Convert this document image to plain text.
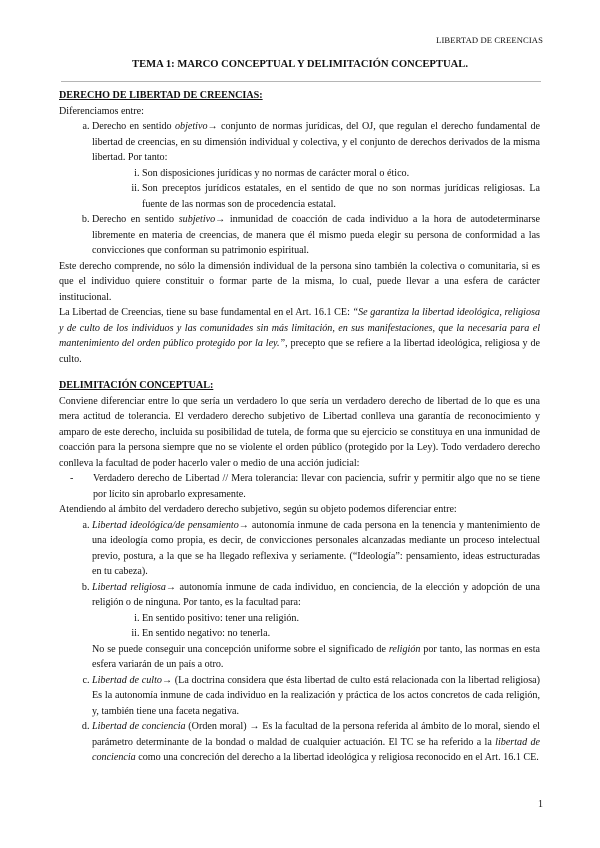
LIBERTAD DE CREENCIAS
TEMA 1: MARCO CONCEPTUAL Y DELIMITACIÓN CONCEPTUAL.

DERECHO DE LIBERTAD DE CREENCIAS:

Diferenciamos entre:

a. Derecho en sentido objetivo→ conjunto de normas jurídicas, del OJ, que regulan el derecho fundamental de libertad de creencias, en su dimensión individual y colectiva, y el conjunto de derechos derivados de la misma libertad. Por tanto:
i. Son disposiciones jurídicas y no normas de carácter moral o ético.
ii. Son preceptos jurídicos estatales, en el sentido de que no son normas jurídicas religiosas. La fuente de las normas son de procedencia estatal.
b. Derecho en sentido subjetivo→ inmunidad de coacción de cada individuo a la hora de autodeterminarse libremente en materia de creencias, de manera que él mismo pueda elegir su persona de conformidad a las convicciones que conforman su patrimonio espiritual.

Este derecho comprende, no sólo la dimensión individual de la persona sino también la colectiva o comunitaria, si es que el individuo quiere constituir o formar parte de la misma, lo cual, puede llevar a una esfera de carácter institucional.

La Libertad de Creencias, tiene su base fundamental en el Art. 16.1 CE: “Se garantiza la libertad ideológica, religiosa y de culto de los individuos y las comunidades sin más limitación, en sus manifestaciones, que la necesaria para el mantenimiento del orden público protegido por la ley.”, precepto que se refiere a la libertad ideológica, religiosa y de culto.

DELIMITACIÓN CONCEPTUAL:

Conviene diferenciar entre lo que sería un verdadero lo que sería un verdadero derecho de libertad de lo que es una mera actitud de tolerancia. El verdadero derecho subjetivo de Libertad conlleva una garantía de reconocimiento y amparo de este derecho, incluida su posibilidad de tutela, de forma que su ejercicio se constituya en una inmunidad de coacción para la persona siempre que no se violente el orden público (protegido por la Ley). Todo verdadero derecho conlleva la facultad de poder hacerlo valer o medio de una acción judicial:

- Verdadero derecho de Libertad // Mera tolerancia: llevar con paciencia, sufrir y permitir algo que no se tiene por lícito sin aprobarlo expresamente.

Atendiendo al ámbito del verdadero derecho subjetivo, según su objeto podemos diferenciar entre:

a. Libertad ideológica/de pensamiento→ autonomía inmune de cada persona en la tenencia y mantenimiento de una ideología como propia, es decir, de convicciones personales alcanzadas mediante un proceso intelectual previo, postura, a la que se ha llegado reflexiva y seriamente. (“Ideología”: pensamiento, ideas estructuradas en tu cabeza).
b. Libertad religiosa→ autonomía inmune de cada individuo, en conciencia, de la elección y adopción de una religión o de ninguna. Por tanto, es la facultad para:
i. En sentido positivo: tener una religión.
ii. En sentido negativo: no tenerla.

No se puede conseguir una concepción uniforme sobre el significado de religión por tanto, las normas en esta esfera variarán de un país a otro.

c. Libertad de culto→ (La doctrina considera que ésta libertad de culto está relacionada con la libertad religiosa) Es la autonomía inmune de cada individuo en la realización y práctica de los actos concretos de cada religión, y, también tiene una faceta negativa.
d. Libertad de conciencia (Orden moral) → Es la facultad de la persona referida al ámbito de lo moral, siendo el parámetro determinante de la bondad o maldad de cualquier actuación. El TC se ha referido a la libertad de conciencia como una concreción del derecho a la libertad ideológica y religiosa reconocido en el Art. 16.1 CE.
1
